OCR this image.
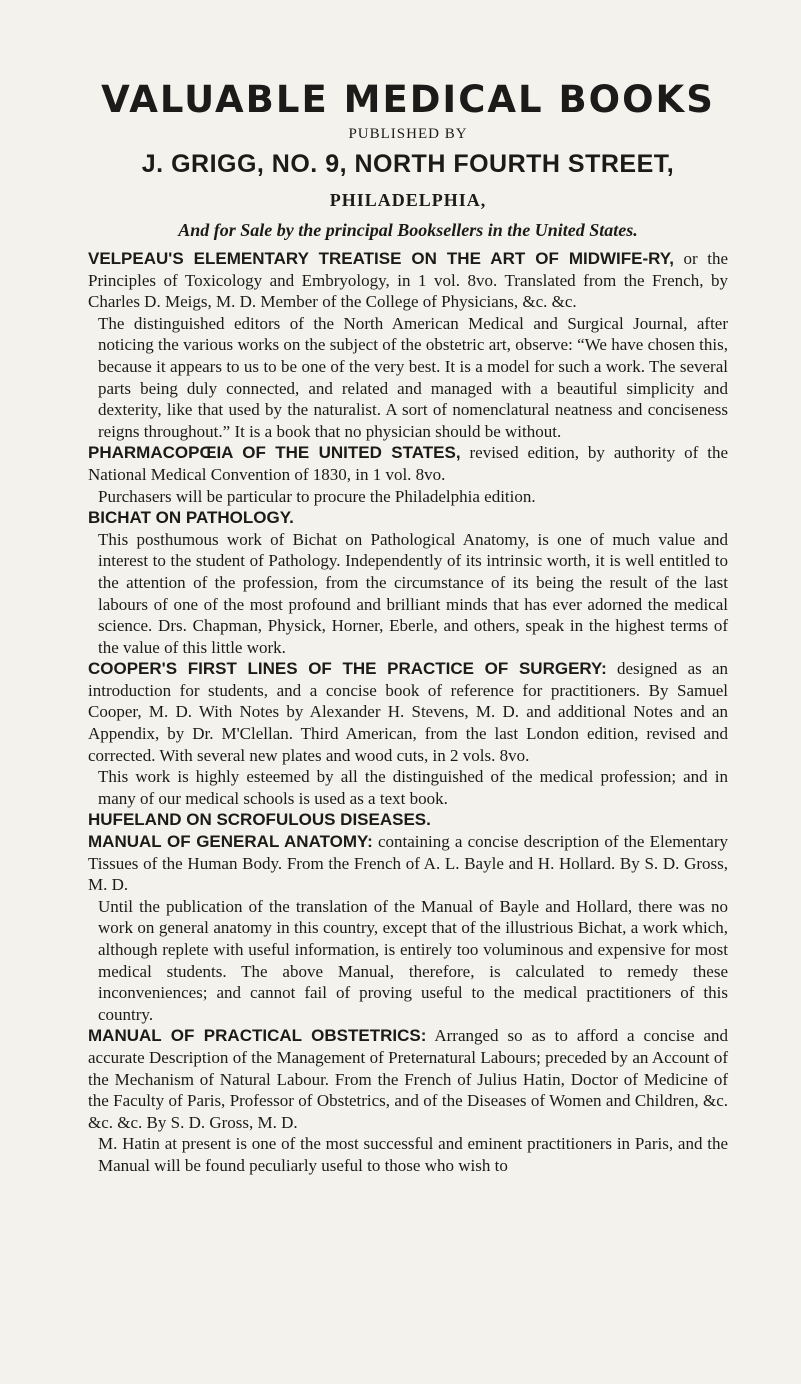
VALUABLE MEDICAL BOOKS
PUBLISHED BY
J. GRIGG, NO. 9, NORTH FOURTH STREET,
PHILADELPHIA,
And for Sale by the principal Booksellers in the United States.
VELPEAU'S ELEMENTARY TREATISE ON THE ART OF MIDWIFE-RY, or the Principles of Toxicology and Embryology, in 1 vol. 8vo. Translated from the French, by Charles D. Meigs, M. D. Member of the College of Physicians, &c. &c.
The distinguished editors of the North American Medical and Surgical Journal, after noticing the various works on the subject of the obstetric art, observe: “We have chosen this, because it appears to us to be one of the very best. It is a model for such a work. The several parts being duly connected, and related and managed with a beautiful simplicity and dexterity, like that used by the naturalist. A sort of nomenclatural neatness and conciseness reigns throughout.” It is a book that no physician should be without.
PHARMACOPŒIA OF THE UNITED STATES, revised edition, by authority of the National Medical Convention of 1830, in 1 vol. 8vo.
Purchasers will be particular to procure the Philadelphia edition.
BICHAT ON PATHOLOGY.
This posthumous work of Bichat on Pathological Anatomy, is one of much value and interest to the student of Pathology. Independently of its intrinsic worth, it is well entitled to the attention of the profession, from the circumstance of its being the result of the last labours of one of the most profound and brilliant minds that has ever adorned the medical science. Drs. Chapman, Physick, Horner, Eberle, and others, speak in the highest terms of the value of this little work.
COOPER'S FIRST LINES OF THE PRACTICE OF SURGERY: designed as an introduction for students, and a concise book of reference for practitioners. By Samuel Cooper, M. D. With Notes by Alexander H. Stevens, M. D. and additional Notes and an Appendix, by Dr. M'Clellan. Third American, from the last London edition, revised and corrected. With several new plates and wood cuts, in 2 vols. 8vo.
This work is highly esteemed by all the distinguished of the medical profession; and in many of our medical schools is used as a text book.
HUFELAND ON SCROFULOUS DISEASES.
MANUAL OF GENERAL ANATOMY: containing a concise description of the Elementary Tissues of the Human Body. From the French of A. L. Bayle and H. Hollard. By S. D. Gross, M. D.
Until the publication of the translation of the Manual of Bayle and Hollard, there was no work on general anatomy in this country, except that of the illustrious Bichat, a work which, although replete with useful information, is entirely too voluminous and expensive for most medical students. The above Manual, therefore, is calculated to remedy these inconveniences; and cannot fail of proving useful to the medical practitioners of this country.
MANUAL OF PRACTICAL OBSTETRICS: Arranged so as to afford a concise and accurate Description of the Management of Preternatural Labours; preceded by an Account of the Mechanism of Natural Labour. From the French of Julius Hatin, Doctor of Medicine of the Faculty of Paris, Professor of Obstetrics, and of the Diseases of Women and Children, &c. &c. &c. By S. D. Gross, M. D.
M. Hatin at present is one of the most successful and eminent practitioners in Paris, and the Manual will be found peculiarly useful to those who wish to
